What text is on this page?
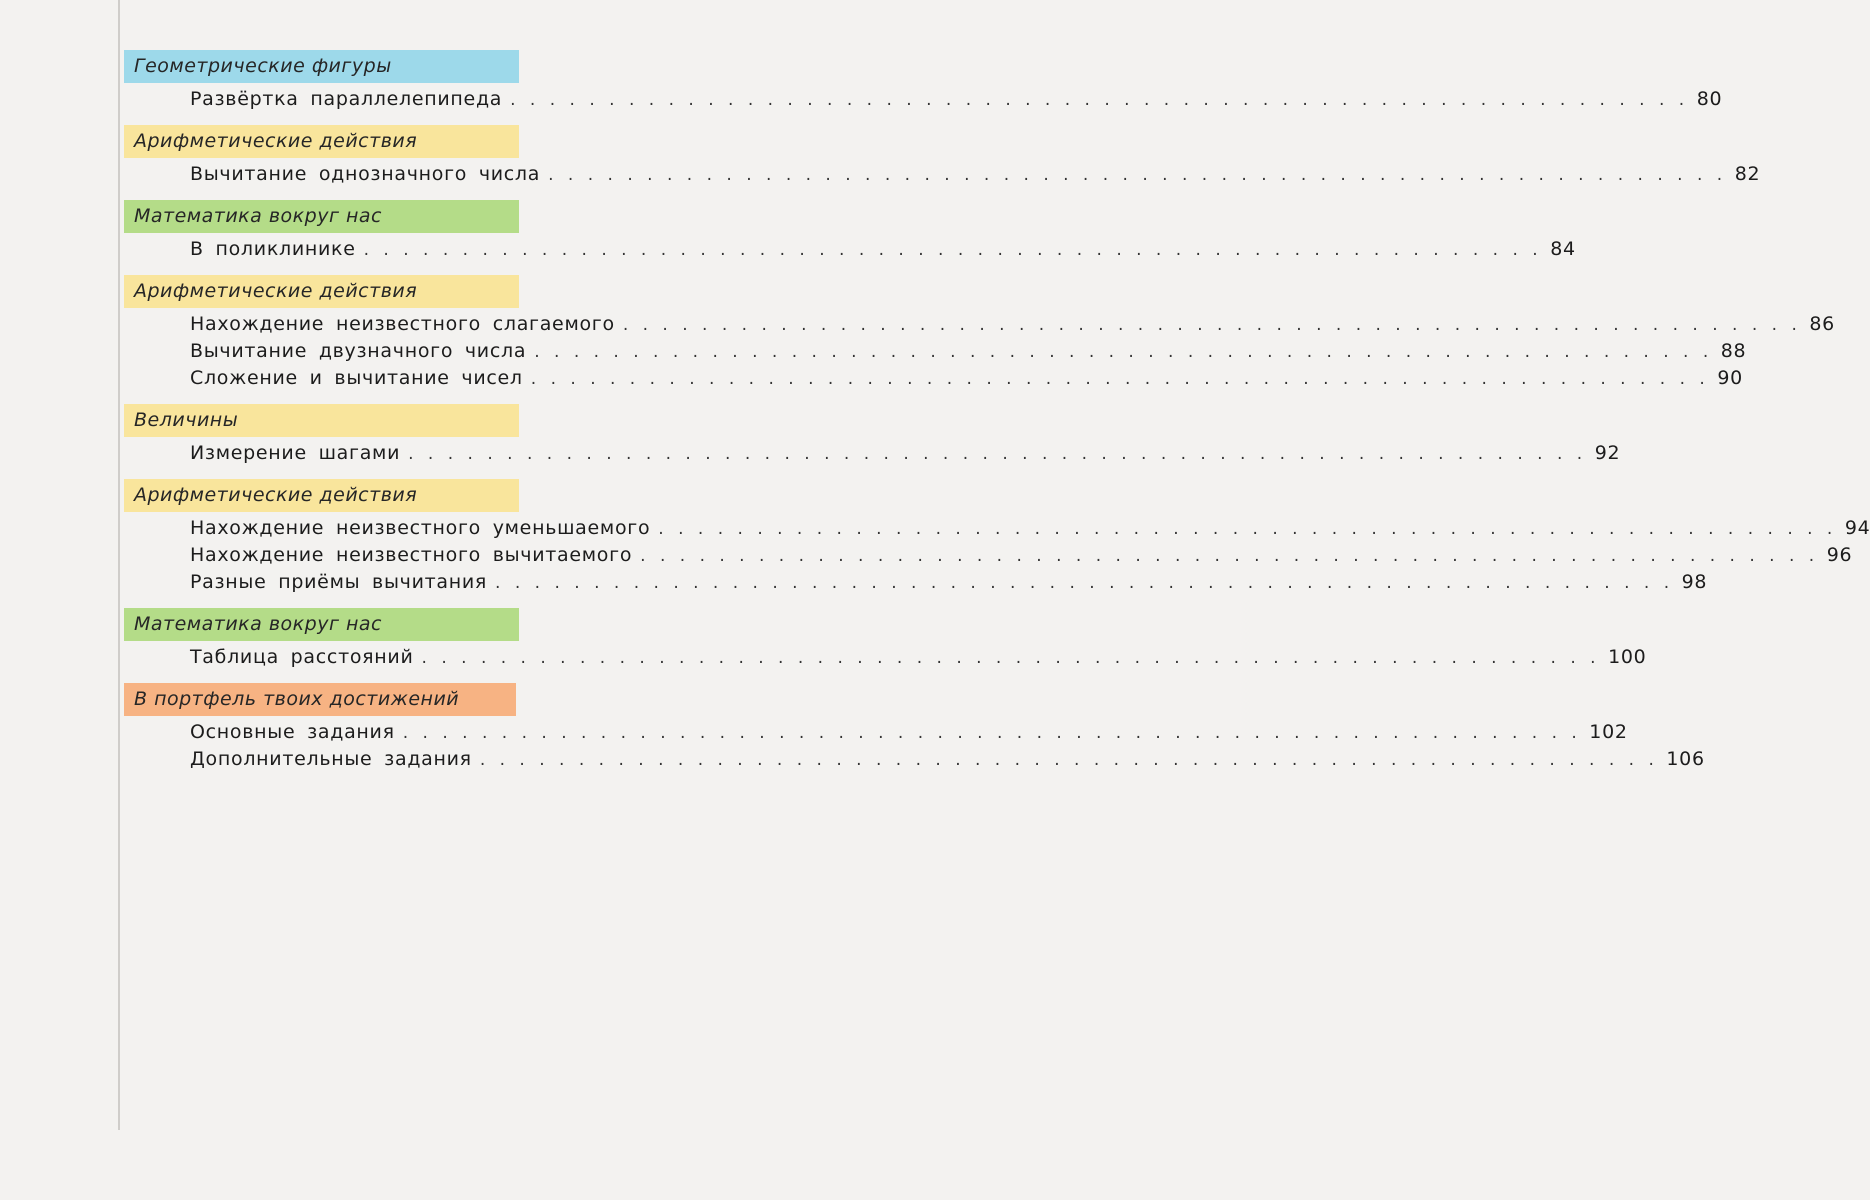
Геометрические фигуры
Развёртка параллелепипеда . . . . . . . . . . . . . . . . . . . . . . . . . . . . . . . . . . . . . . . . . . . . . . . . . . . . . . . . . . . . 80
Арифметические действия
Вычитание однозначного числа . . . . . . . . . . . . . . . . . . . . . . . . . . . . . . . . . . . . . . . . . . . . . . . . . . . . . . . . . . . . 82
Математика вокруг нас
В поликлинике . . . . . . . . . . . . . . . . . . . . . . . . . . . . . . . . . . . . . . . . . . . . . . . . . . . . . . . . . . . . 84
Арифметические действия
Нахождение неизвестного слагаемого . . . . . . . . . . . . . . . . . . . . . . . . . . . . . . . . . . . . . . . . . . . . . . . . . . . . . . . . . . . . 86
Вычитание двузначного числа . . . . . . . . . . . . . . . . . . . . . . . . . . . . . . . . . . . . . . . . . . . . . . . . . . . . . . . . . . . . 88
Сложение и вычитание чисел . . . . . . . . . . . . . . . . . . . . . . . . . . . . . . . . . . . . . . . . . . . . . . . . . . . . . . . . . . . . 90
Величины
Измерение шагами . . . . . . . . . . . . . . . . . . . . . . . . . . . . . . . . . . . . . . . . . . . . . . . . . . . . . . . . . . . . 92
Арифметические действия
Нахождение неизвестного уменьшаемого . . . . . . . . . . . . . . . . . . . . . . . . . . . . . . . . . . . . . . . . . . . . . . . . . . . . . . . . . . . . 94
Нахождение неизвестного вычитаемого . . . . . . . . . . . . . . . . . . . . . . . . . . . . . . . . . . . . . . . . . . . . . . . . . . . . . . . . . . . . 96
Разные приёмы вычитания . . . . . . . . . . . . . . . . . . . . . . . . . . . . . . . . . . . . . . . . . . . . . . . . . . . . . . . . . . . . 98
Математика вокруг нас
Таблица расстояний . . . . . . . . . . . . . . . . . . . . . . . . . . . . . . . . . . . . . . . . . . . . . . . . . . . . . . . . . . . . 100
В портфель твоих достижений
Основные задания . . . . . . . . . . . . . . . . . . . . . . . . . . . . . . . . . . . . . . . . . . . . . . . . . . . . . . . . . . . . 102
Дополнительные задания . . . . . . . . . . . . . . . . . . . . . . . . . . . . . . . . . . . . . . . . . . . . . . . . . . . . . . . . . . . . 106
